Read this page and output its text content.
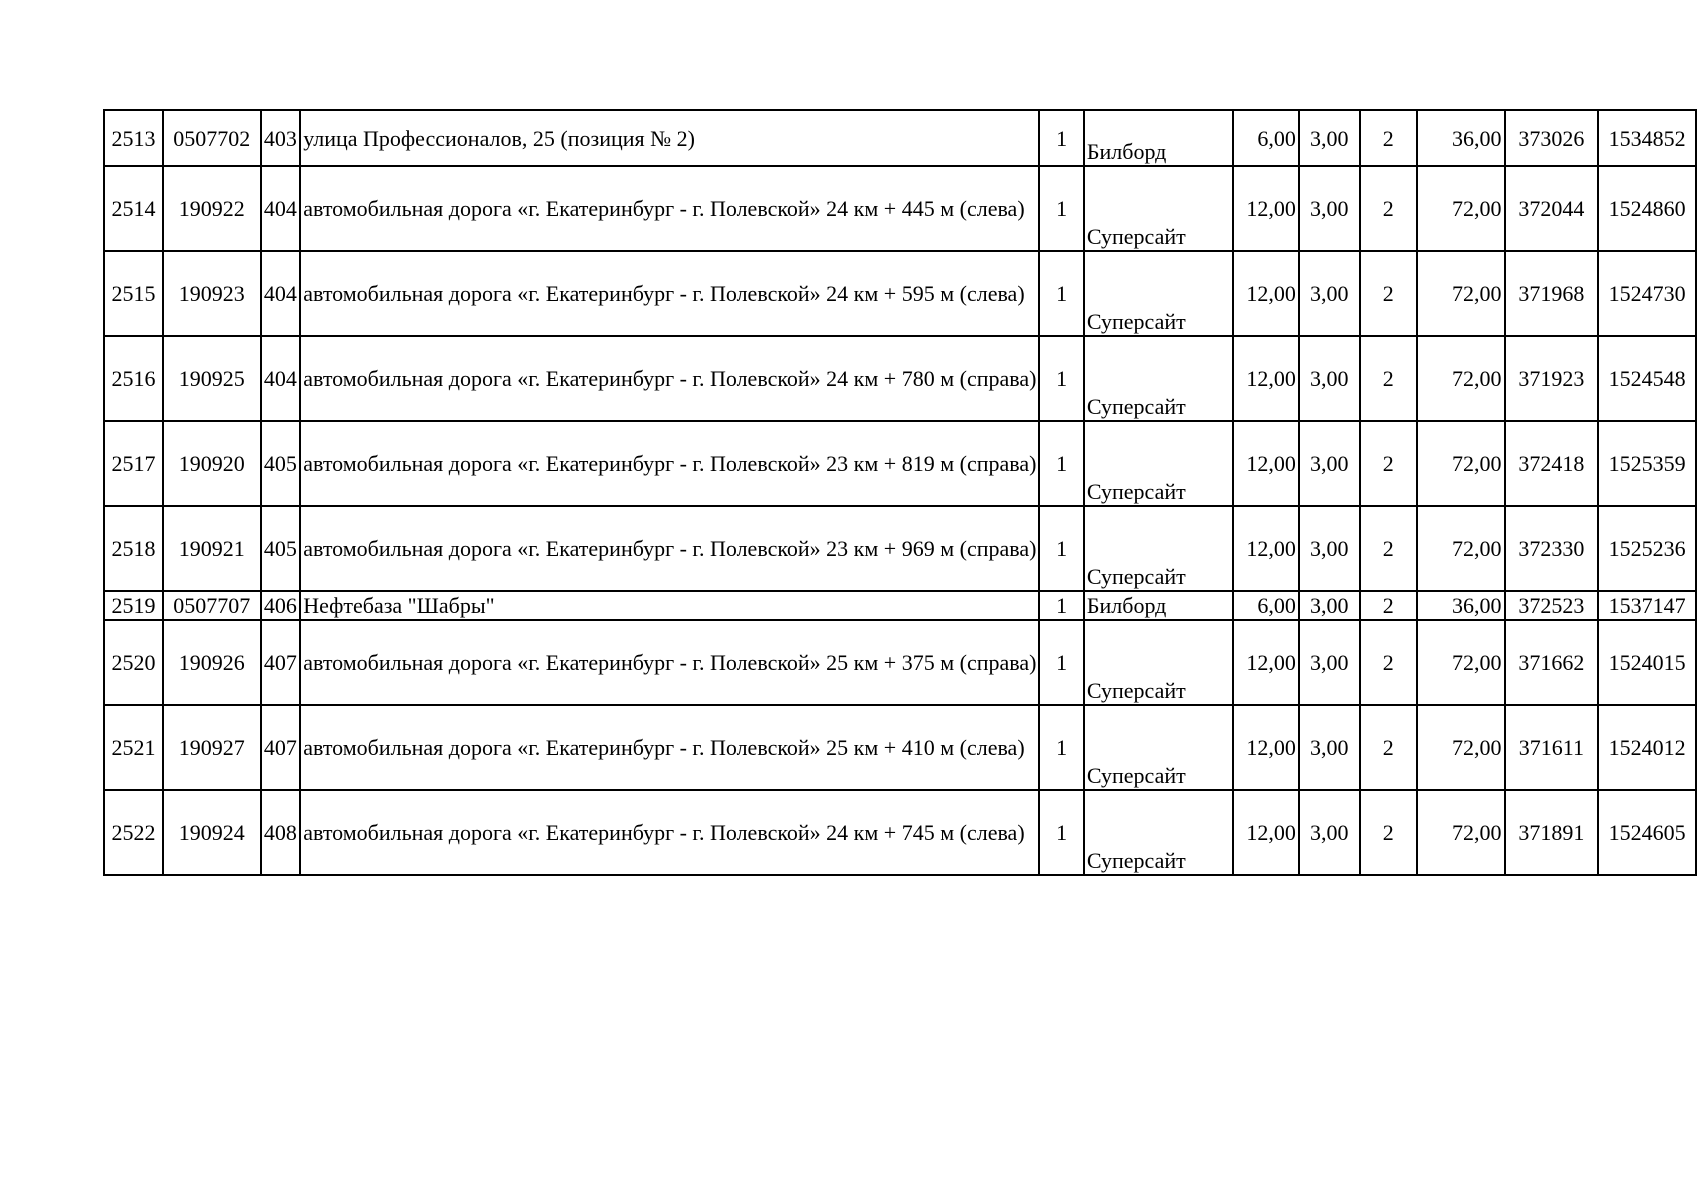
2513	0507702	403	улица Профессионалов, 25 (позиция № 2)	1	Билборд	6,00	3,00	2	36,00	373026	1534852
2514	190922	404	автомобильная дорога «г. Екатеринбург - г. Полевской» 24 км + 445 м (слева)	1	Суперсайт	12,00	3,00	2	72,00	372044	1524860
2515	190923	404	автомобильная дорога «г. Екатеринбург - г. Полевской» 24 км + 595 м (слева)	1	Суперсайт	12,00	3,00	2	72,00	371968	1524730
2516	190925	404	автомобильная дорога «г. Екатеринбург - г. Полевской» 24 км + 780 м (справа)	1	Суперсайт	12,00	3,00	2	72,00	371923	1524548
2517	190920	405	автомобильная дорога «г. Екатеринбург - г. Полевской» 23 км + 819 м (справа)	1	Суперсайт	12,00	3,00	2	72,00	372418	1525359
2518	190921	405	автомобильная дорога «г. Екатеринбург - г. Полевской» 23 км + 969 м (справа)	1	Суперсайт	12,00	3,00	2	72,00	372330	1525236
2519	0507707	406	Нефтебаза "Шабры"	1	Билборд	6,00	3,00	2	36,00	372523	1537147
2520	190926	407	автомобильная дорога «г. Екатеринбург - г. Полевской» 25 км + 375 м (справа)	1	Суперсайт	12,00	3,00	2	72,00	371662	1524015
2521	190927	407	автомобильная дорога «г. Екатеринбург - г. Полевской» 25 км + 410 м (слева)	1	Суперсайт	12,00	3,00	2	72,00	371611	1524012
2522	190924	408	автомобильная дорога «г. Екатеринбург - г. Полевской» 24 км + 745 м (слева)	1	Суперсайт	12,00	3,00	2	72,00	371891	1524605
